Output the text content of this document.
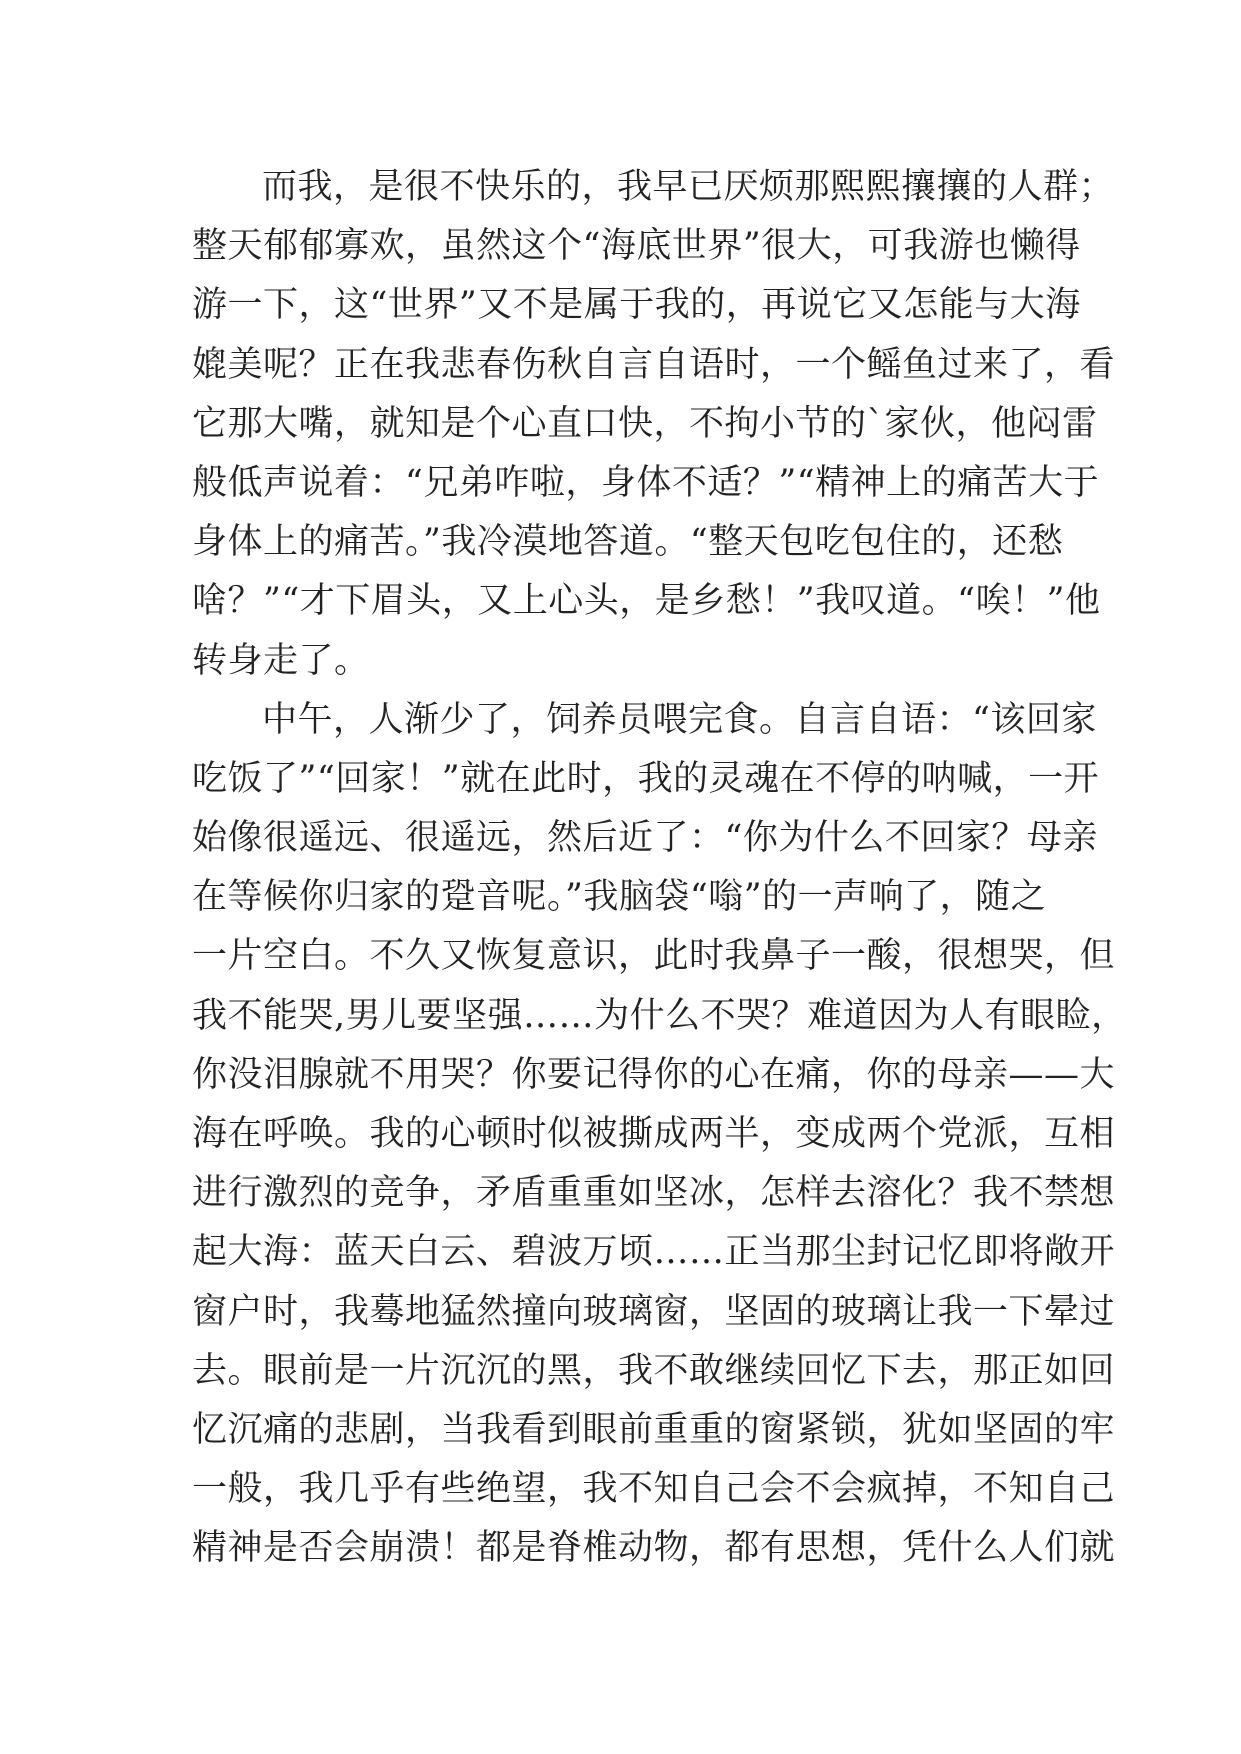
而我，是很不快乐的，我早已厌烦那熙熙攘攘的人群；
整天郁郁寡欢，虽然这个“海底世界”很大，可我游也懒得
游一下，这“世界”又不是属于我的，再说它又怎能与大海
媲美呢？正在我悲春伤秋自言自语时，一个鳐鱼过来了，看
它那大嘴，就知是个心直口快，不拘小节的`家伙，他闷雷
般低声说着：“兄弟咋啦，身体不适？”“精神上的痛苦大于
身体上的痛苦。”我冷漠地答道。“整天包吃包住的，还愁
啥？”“才下眉头，又上心头，是乡愁！”我叹道。“唉！”他
转身走了。
中午，人渐少了，饲养员喂完食。自言自语：“该回家
吃饭了”“回家！”就在此时，我的灵魂在不停的呐喊，一开
始像很遥远、很遥远，然后近了：“你为什么不回家？母亲
在等候你归家的跫音呢。”我脑袋“嗡”的一声响了，随之
一片空白。不久又恢复意识，此时我鼻子一酸，很想哭，但
我不能哭,男儿要坚强……为什么不哭？难道因为人有眼睑，
你没泪腺就不用哭？你要记得你的心在痛，你的母亲——大
海在呼唤。我的心顿时似被撕成两半，变成两个党派，互相
进行激烈的竞争，矛盾重重如坚冰，怎样去溶化？我不禁想
起大海：蓝天白云、碧波万顷……正当那尘封记忆即将敞开
窗户时，我蓦地猛然撞向玻璃窗，坚固的玻璃让我一下晕过
去。眼前是一片沉沉的黑，我不敢继续回忆下去，那正如回
忆沉痛的悲剧，当我看到眼前重重的窗紧锁，犹如坚固的牢
一般，我几乎有些绝望，我不知自己会不会疯掉，不知自己
精神是否会崩溃！都是脊椎动物，都有思想，凭什么人们就
